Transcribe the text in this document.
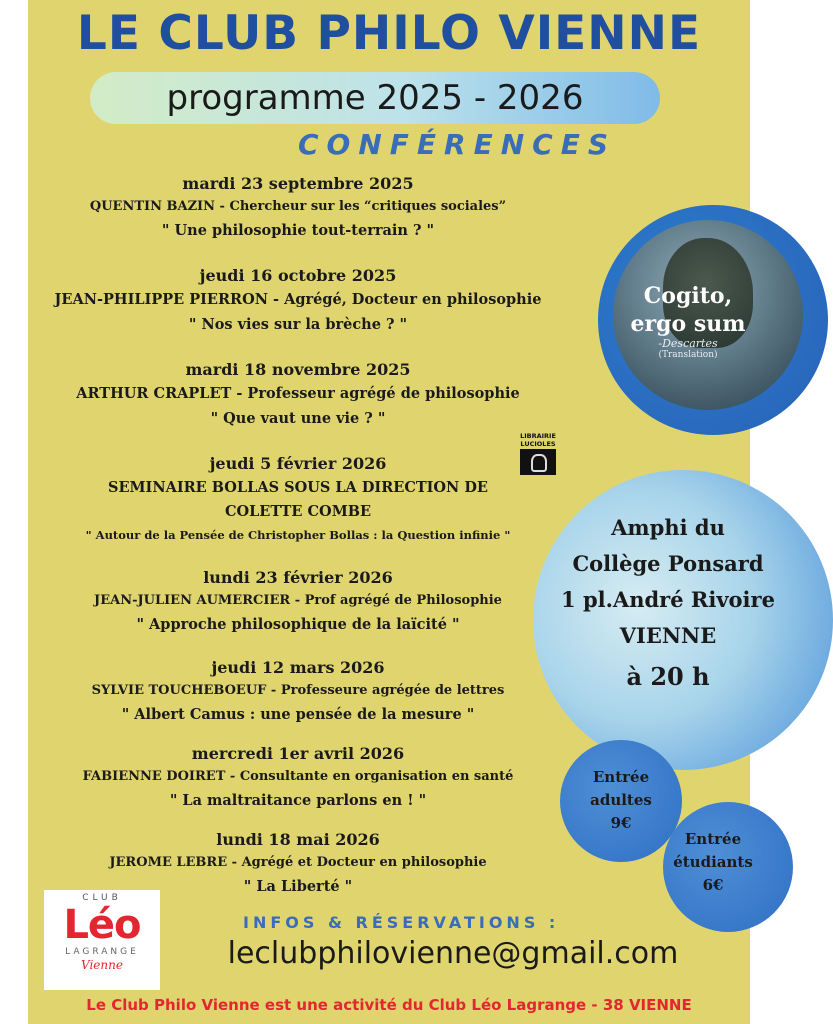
LE CLUB PHILO VIENNE
programme 2025 - 2026
CONFÉRENCES
mardi 23 septembre 2025
QUENTIN BAZIN - Chercheur sur les “critiques sociales”
" Une philosophie tout-terrain ? "
jeudi 16 octobre 2025
JEAN-PHILIPPE PIERRON - Agrégé, Docteur en philosophie
" Nos vies sur la brèche ? "
mardi 18 novembre 2025
ARTHUR CRAPLET - Professeur agrégé de philosophie
" Que vaut une vie ? "
jeudi 5 février 2026
SEMINAIRE BOLLAS SOUS LA DIRECTION DE
COLETTE COMBE
" Autour de la Pensée de Christopher Bollas : la Question infinie "
lundi 23 février 2026
JEAN-JULIEN AUMERCIER - Prof agrégé de Philosophie
" Approche philosophique de la laïcité "
jeudi 12 mars 2026
SYLVIE TOUCHEBOEUF - Professeure agrégée de lettres
" Albert Camus : une pensée de la mesure "
mercredi 1er avril 2026
FABIENNE DOIRET - Consultante en organisation en santé
" La maltraitance parlons en ! "
lundi 18 mai 2026
JEROME LEBRE - Agrégé et Docteur en philosophie
" La Liberté "
LIBRAIRIE
LUCIOLES
Cogito,
ergo sum
-Descartes
(Translation)
Amphi du
Collège Ponsard
1 pl.André Rivoire
VIENNE
à 20 h
Entrée
adultes
9€
Entrée
étudiants
6€
CLUB
Léo
LAGRANGE
Vienne
INFOS & RÉSERVATIONS :
leclubphilovienne@gmail.com
Le Club Philo Vienne est une activité du Club Léo Lagrange - 38 VIENNE
